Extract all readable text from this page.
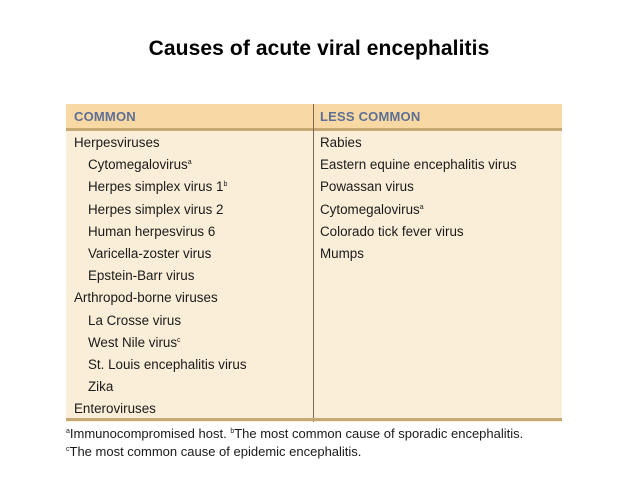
Causes of acute viral encephalitis
COMMON	LESS COMMON
Herpesviruses
Cytomegalovirus$^a$
Herpes simplex virus 1$^b$
Herpes simplex virus 2
Human herpesvirus 6
Varicella-zoster virus
Epstein-Barr virus
Arthropod-borne viruses
La Crosse virus
West Nile virus$^c$
St. Louis encephalitis virus
Zika
Enteroviruses
Rabies
Eastern equine encephalitis virus
Powassan virus
Cytomegalovirus$^a$
Colorado tick fever virus
Mumps
$^a$Immunocompromised host. $^b$The most common cause of sporadic encephalitis.
$^c$The most common cause of epidemic encephalitis.
